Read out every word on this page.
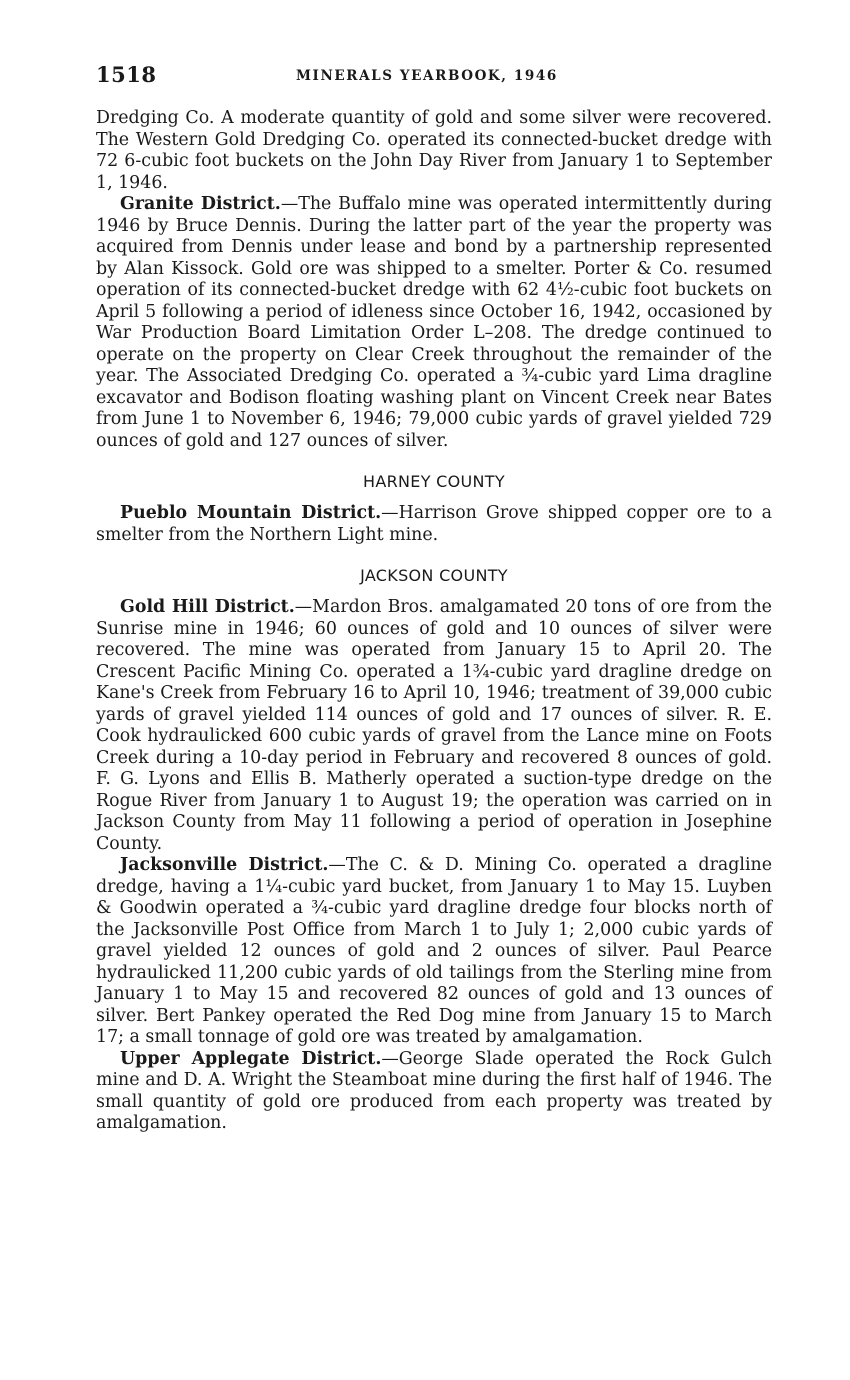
1518	MINERALS YEARBOOK, 1946

Dredging Co. A moderate quantity of gold and some silver were recovered. The Western Gold Dredging Co. operated its connected-bucket dredge with 72 6-cubic foot buckets on the John Day River from January 1 to September 1, 1946.

Granite District.—The Buffalo mine was operated intermittently during 1946 by Bruce Dennis. During the latter part of the year the property was acquired from Dennis under lease and bond by a partnership represented by Alan Kissock. Gold ore was shipped to a smelter. Porter & Co. resumed operation of its connected-bucket dredge with 62 4½-cubic foot buckets on April 5 following a period of idleness since October 16, 1942, occasioned by War Production Board Limitation Order L–208. The dredge continued to operate on the property on Clear Creek throughout the remainder of the year. The Associated Dredging Co. operated a ¾-cubic yard Lima dragline excavator and Bodison floating washing plant on Vincent Creek near Bates from June 1 to November 6, 1946; 79,000 cubic yards of gravel yielded 729 ounces of gold and 127 ounces of silver.

HARNEY COUNTY

Pueblo Mountain District.—Harrison Grove shipped copper ore to a smelter from the Northern Light mine.

JACKSON COUNTY

Gold Hill District.—Mardon Bros. amalgamated 20 tons of ore from the Sunrise mine in 1946; 60 ounces of gold and 10 ounces of silver were recovered. The mine was operated from January 15 to April 20. The Crescent Pacific Mining Co. operated a 1¾-cubic yard dragline dredge on Kane's Creek from February 16 to April 10, 1946; treatment of 39,000 cubic yards of gravel yielded 114 ounces of gold and 17 ounces of silver. R. E. Cook hydraulicked 600 cubic yards of gravel from the Lance mine on Foots Creek during a 10-day period in February and recovered 8 ounces of gold. F. G. Lyons and Ellis B. Matherly operated a suction-type dredge on the Rogue River from January 1 to August 19; the operation was carried on in Jackson County from May 11 following a period of operation in Josephine County.

Jacksonville District.—The C. & D. Mining Co. operated a dragline dredge, having a 1¼-cubic yard bucket, from January 1 to May 15. Luyben & Goodwin operated a ¾-cubic yard dragline dredge four blocks north of the Jacksonville Post Office from March 1 to July 1; 2,000 cubic yards of gravel yielded 12 ounces of gold and 2 ounces of silver. Paul Pearce hydraulicked 11,200 cubic yards of old tailings from the Sterling mine from January 1 to May 15 and recovered 82 ounces of gold and 13 ounces of silver. Bert Pankey operated the Red Dog mine from January 15 to March 17; a small tonnage of gold ore was treated by amalgamation.

Upper Applegate District.—George Slade operated the Rock Gulch mine and D. A. Wright the Steamboat mine during the first half of 1946. The small quantity of gold ore produced from each property was treated by amalgamation.
